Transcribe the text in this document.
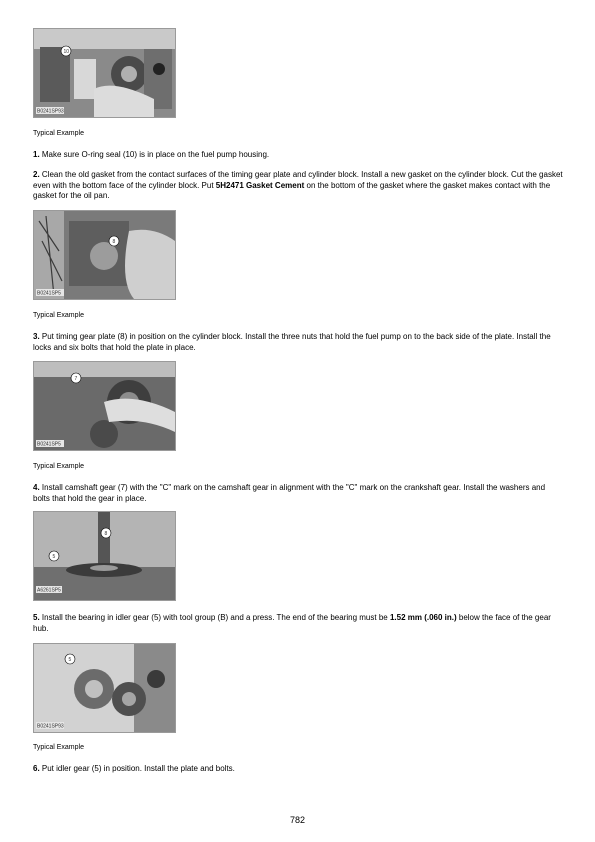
10
B0241SP93
Typical Example

1. Make sure O-ring seal (10) is in place on the fuel pump housing.

2. Clean the old gasket from the contact surfaces of the timing gear plate and cylinder block. Install a new gasket on the cylinder block. Cut the gasket even with the bottom face of the cylinder block. Put 5H2471 Gasket Cement on the bottom of the gasket where the gasket makes contact with the gasket for the oil pan.

8
B0241SP5
Typical Example

3. Put timing gear plate (8) in position on the cylinder block. Install the three nuts that hold the fuel pump on to the back side of the plate. Install the locks and six bolts that hold the plate in place.

7
B0241SP5
Typical Example

4. Install camshaft gear (7) with the "C" mark on the camshaft gear in alignment with the "C" mark on the crankshaft gear. Install the washers and bolts that hold the gear in place.

8
5
A6261SP5

5. Install the bearing in idler gear (5) with tool group (B) and a press. The end of the bearing must be 1.52 mm (.060 in.) below the face of the gear hub.

5
B0241SP93
Typical Example

6. Put idler gear (5) in position. Install the plate and bolts.

782
